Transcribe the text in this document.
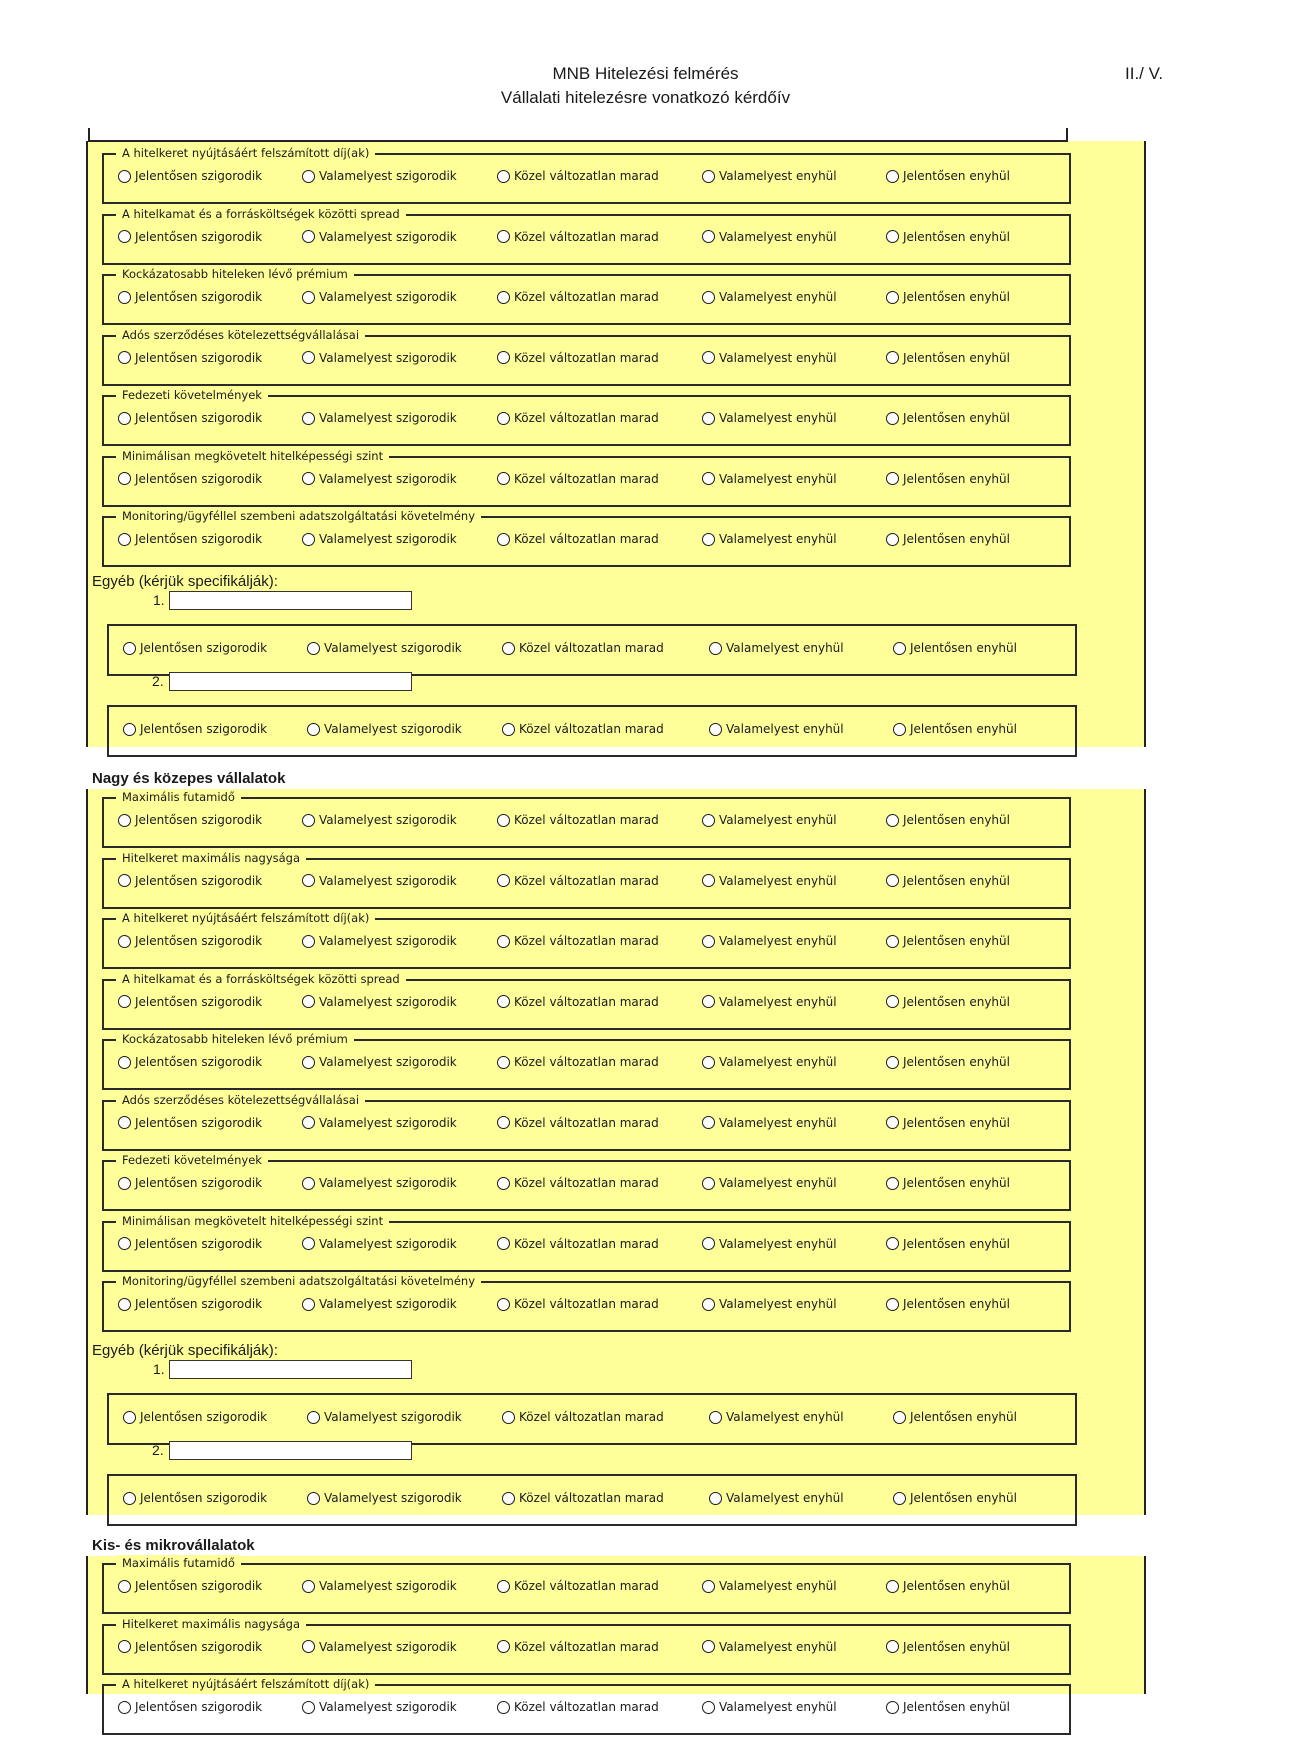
MNB Hitelezési felmérés
Vállalati hitelezésre vonatkozó kérdőív
II./ V.
A hitelkeret nyújtásáért felszámított díj(ak)
Jelentősen szigorodik	Valamelyest szigorodik	Közel változatlan marad	Valamelyest enyhül	Jelentősen enyhül
A hitelkamat és a forrásköltségek közötti spread
Jelentősen szigorodik	Valamelyest szigorodik	Közel változatlan marad	Valamelyest enyhül	Jelentősen enyhül
Kockázatosabb hiteleken lévő prémium
Jelentősen szigorodik	Valamelyest szigorodik	Közel változatlan marad	Valamelyest enyhül	Jelentősen enyhül
Adós szerződéses kötelezettségvállalásai
Jelentősen szigorodik	Valamelyest szigorodik	Közel változatlan marad	Valamelyest enyhül	Jelentősen enyhül
Fedezeti követelmények
Jelentősen szigorodik	Valamelyest szigorodik	Közel változatlan marad	Valamelyest enyhül	Jelentősen enyhül
Minimálisan megkövetelt hitelképességi szint
Jelentősen szigorodik	Valamelyest szigorodik	Közel változatlan marad	Valamelyest enyhül	Jelentősen enyhül
Monitoring/ügyféllel szembeni adatszolgáltatási követelmény
Jelentősen szigorodik	Valamelyest szigorodik	Közel változatlan marad	Valamelyest enyhül	Jelentősen enyhül
Egyéb (kérjük specifikálják):
1.
Jelentősen szigorodik	Valamelyest szigorodik	Közel változatlan marad	Valamelyest enyhül	Jelentősen enyhül
2.
Jelentősen szigorodik	Valamelyest szigorodik	Közel változatlan marad	Valamelyest enyhül	Jelentősen enyhül
Nagy és közepes vállalatok
Maximális futamidő
Jelentősen szigorodik	Valamelyest szigorodik	Közel változatlan marad	Valamelyest enyhül	Jelentősen enyhül
Hitelkeret maximális nagysága
Jelentősen szigorodik	Valamelyest szigorodik	Közel változatlan marad	Valamelyest enyhül	Jelentősen enyhül
A hitelkeret nyújtásáért felszámított díj(ak)
Jelentősen szigorodik	Valamelyest szigorodik	Közel változatlan marad	Valamelyest enyhül	Jelentősen enyhül
A hitelkamat és a forrásköltségek közötti spread
Jelentősen szigorodik	Valamelyest szigorodik	Közel változatlan marad	Valamelyest enyhül	Jelentősen enyhül
Kockázatosabb hiteleken lévő prémium
Jelentősen szigorodik	Valamelyest szigorodik	Közel változatlan marad	Valamelyest enyhül	Jelentősen enyhül
Adós szerződéses kötelezettségvállalásai
Jelentősen szigorodik	Valamelyest szigorodik	Közel változatlan marad	Valamelyest enyhül	Jelentősen enyhül
Fedezeti követelmények
Jelentősen szigorodik	Valamelyest szigorodik	Közel változatlan marad	Valamelyest enyhül	Jelentősen enyhül
Minimálisan megkövetelt hitelképességi szint
Jelentősen szigorodik	Valamelyest szigorodik	Közel változatlan marad	Valamelyest enyhül	Jelentősen enyhül
Monitoring/ügyféllel szembeni adatszolgáltatási követelmény
Jelentősen szigorodik	Valamelyest szigorodik	Közel változatlan marad	Valamelyest enyhül	Jelentősen enyhül
Egyéb (kérjük specifikálják):
1.
Jelentősen szigorodik	Valamelyest szigorodik	Közel változatlan marad	Valamelyest enyhül	Jelentősen enyhül
2.
Jelentősen szigorodik	Valamelyest szigorodik	Közel változatlan marad	Valamelyest enyhül	Jelentősen enyhül
Kis- és mikrovállalatok
Maximális futamidő
Jelentősen szigorodik	Valamelyest szigorodik	Közel változatlan marad	Valamelyest enyhül	Jelentősen enyhül
Hitelkeret maximális nagysága
Jelentősen szigorodik	Valamelyest szigorodik	Közel változatlan marad	Valamelyest enyhül	Jelentősen enyhül
A hitelkeret nyújtásáért felszámított díj(ak)
Jelentősen szigorodik	Valamelyest szigorodik	Közel változatlan marad	Valamelyest enyhül	Jelentősen enyhül
